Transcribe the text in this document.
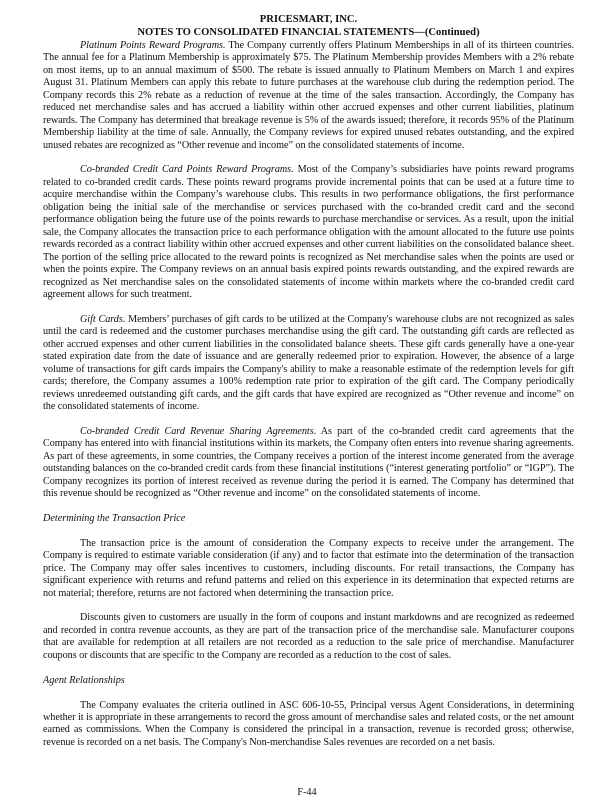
PRICESMART, INC.
NOTES TO CONSOLIDATED FINANCIAL STATEMENTS—(Continued)

Platinum Points Reward Programs. The Company currently offers Platinum Memberships in all of its thirteen countries. The annual fee for a Platinum Membership is approximately $75. The Platinum Membership provides Members with a 2% rebate on most items, up to an annual maximum of $500. The rebate is issued annually to Platinum Members on March 1 and expires August 31. Platinum Members can apply this rebate to future purchases at the warehouse club during the redemption period. The Company records this 2% rebate as a reduction of revenue at the time of the sales transaction. Accordingly, the Company has reduced net merchandise sales and has accrued a liability within other accrued expenses and other current liabilities, platinum rewards. The Company has determined that breakage revenue is 5% of the awards issued; therefore, it records 95% of the Platinum Membership liability at the time of sale. Annually, the Company reviews for expired unused rebates outstanding, and the expired unused rebates are recognized as “Other revenue and income” on the consolidated statements of income.

Co-branded Credit Card Points Reward Programs. Most of the Company’s subsidiaries have points reward programs related to co-branded credit cards. These points reward programs provide incremental points that can be used at a future time to acquire merchandise within the Company’s warehouse clubs. This results in two performance obligations, the first performance obligation being the initial sale of the merchandise or services purchased with the co-branded credit card and the second performance obligation being the future use of the points rewards to purchase merchandise or services. As a result, upon the initial sale, the Company allocates the transaction price to each performance obligation with the amount allocated to the future use points rewards recorded as a contract liability within other accrued expenses and other current liabilities on the consolidated balance sheet. The portion of the selling price allocated to the reward points is recognized as Net merchandise sales when the points are used or when the points expire. The Company reviews on an annual basis expired points rewards outstanding, and the expired rewards are recognized as Net merchandise sales on the consolidated statements of income within markets where the co-branded credit card agreement allows for such treatment.

Gift Cards. Members’ purchases of gift cards to be utilized at the Company's warehouse clubs are not recognized as sales until the card is redeemed and the customer purchases merchandise using the gift card. The outstanding gift cards are reflected as other accrued expenses and other current liabilities in the consolidated balance sheets. These gift cards generally have a one-year stated expiration date from the date of issuance and are generally redeemed prior to expiration. However, the absence of a large volume of transactions for gift cards impairs the Company's ability to make a reasonable estimate of the redemption levels for gift cards; therefore, the Company assumes a 100% redemption rate prior to expiration of the gift card. The Company periodically reviews unredeemed outstanding gift cards, and the gift cards that have expired are recognized as “Other revenue and income” on the consolidated statements of income.

Co-branded Credit Card Revenue Sharing Agreements. As part of the co-branded credit card agreements that the Company has entered into with financial institutions within its markets, the Company often enters into revenue sharing agreements. As part of these agreements, in some countries, the Company receives a portion of the interest income generated from the average outstanding balances on the co-branded credit cards from these financial institutions (“interest generating portfolio” or “IGP”). The Company recognizes its portion of interest received as revenue during the period it is earned. The Company has determined that this revenue should be recognized as “Other revenue and income” on the consolidated statements of income.

Determining the Transaction Price

The transaction price is the amount of consideration the Company expects to receive under the arrangement. The Company is required to estimate variable consideration (if any) and to factor that estimate into the determination of the transaction price. The Company may offer sales incentives to customers, including discounts. For retail transactions, the Company has significant experience with returns and refund patterns and relied on this experience in its determination that expected returns are not material; therefore, returns are not factored when determining the transaction price.

Discounts given to customers are usually in the form of coupons and instant markdowns and are recognized as redeemed and recorded in contra revenue accounts, as they are part of the transaction price of the merchandise sale. Manufacturer coupons that are available for redemption at all retailers are not recorded as a reduction to the sale price of merchandise. Manufacturer coupons or discounts that are specific to the Company are recorded as a reduction to the cost of sales.

Agent Relationships

The Company evaluates the criteria outlined in ASC 606-10-55, Principal versus Agent Considerations, in determining whether it is appropriate in these arrangements to record the gross amount of merchandise sales and related costs, or the net amount earned as commissions. When the Company is considered the principal in a transaction, revenue is recorded gross; otherwise, revenue is recorded on a net basis. The Company's Non-merchandise Sales revenues are recorded on a net basis.

F-44
